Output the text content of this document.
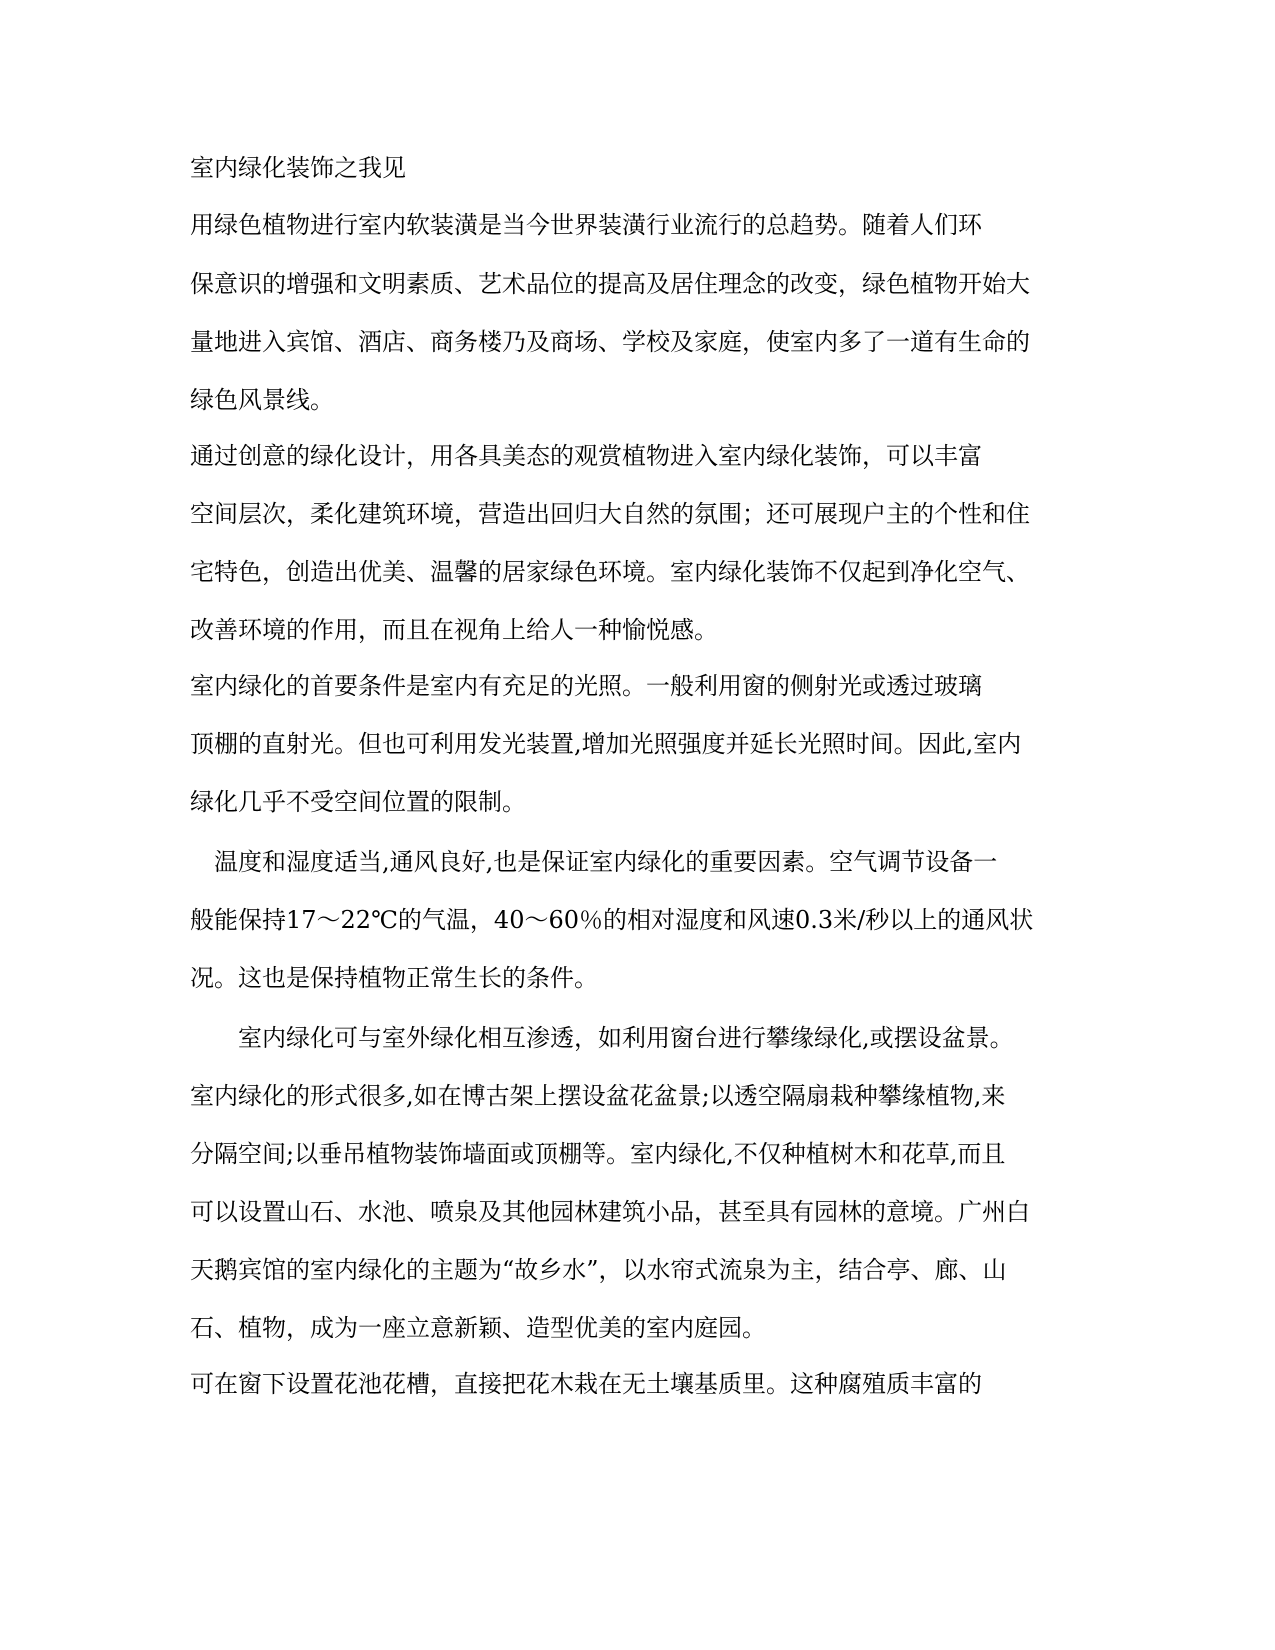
室内绿化装饰之我见
用绿色植物进行室内软装潢是当今世界装潢行业流行的总趋势。随着人们环
保意识的增强和文明素质、艺术品位的提高及居住理念的改变，绿色植物开始大
量地进入宾馆、酒店、商务楼乃及商场、学校及家庭，使室内多了一道有生命的
绿色风景线。
通过创意的绿化设计，用各具美态的观赏植物进入室内绿化装饰，可以丰富
空间层次，柔化建筑环境，营造出回归大自然的氛围；还可展现户主的个性和住
宅特色，创造出优美、温馨的居家绿色环境。室内绿化装饰不仅起到净化空气、
改善环境的作用，而且在视角上给人一种愉悦感。
室内绿化的首要条件是室内有充足的光照。一般利用窗的侧射光或透过玻璃
顶棚的直射光。但也可利用发光装置,增加光照强度并延长光照时间。因此,室内
绿化几乎不受空间位置的限制。
温度和湿度适当,通风良好,也是保证室内绿化的重要因素。空气调节设备一
般能保持17～22℃的气温，40～60％的相对湿度和风速0.3米/秒以上的通风状
况。这也是保持植物正常生长的条件。
室内绿化可与室外绿化相互渗透，如利用窗台进行攀缘绿化,或摆设盆景。
室内绿化的形式很多,如在博古架上摆设盆花盆景;以透空隔扇栽种攀缘植物,来
分隔空间;以垂吊植物装饰墙面或顶棚等。室内绿化,不仅种植树木和花草,而且
可以设置山石、水池、喷泉及其他园林建筑小品，甚至具有园林的意境。广州白
天鹅宾馆的室内绿化的主题为“故乡水”，以水帘式流泉为主，结合亭、廊、山
石、植物，成为一座立意新颖、造型优美的室内庭园。
可在窗下设置花池花槽，直接把花木栽在无土壤基质里。这种腐殖质丰富的
